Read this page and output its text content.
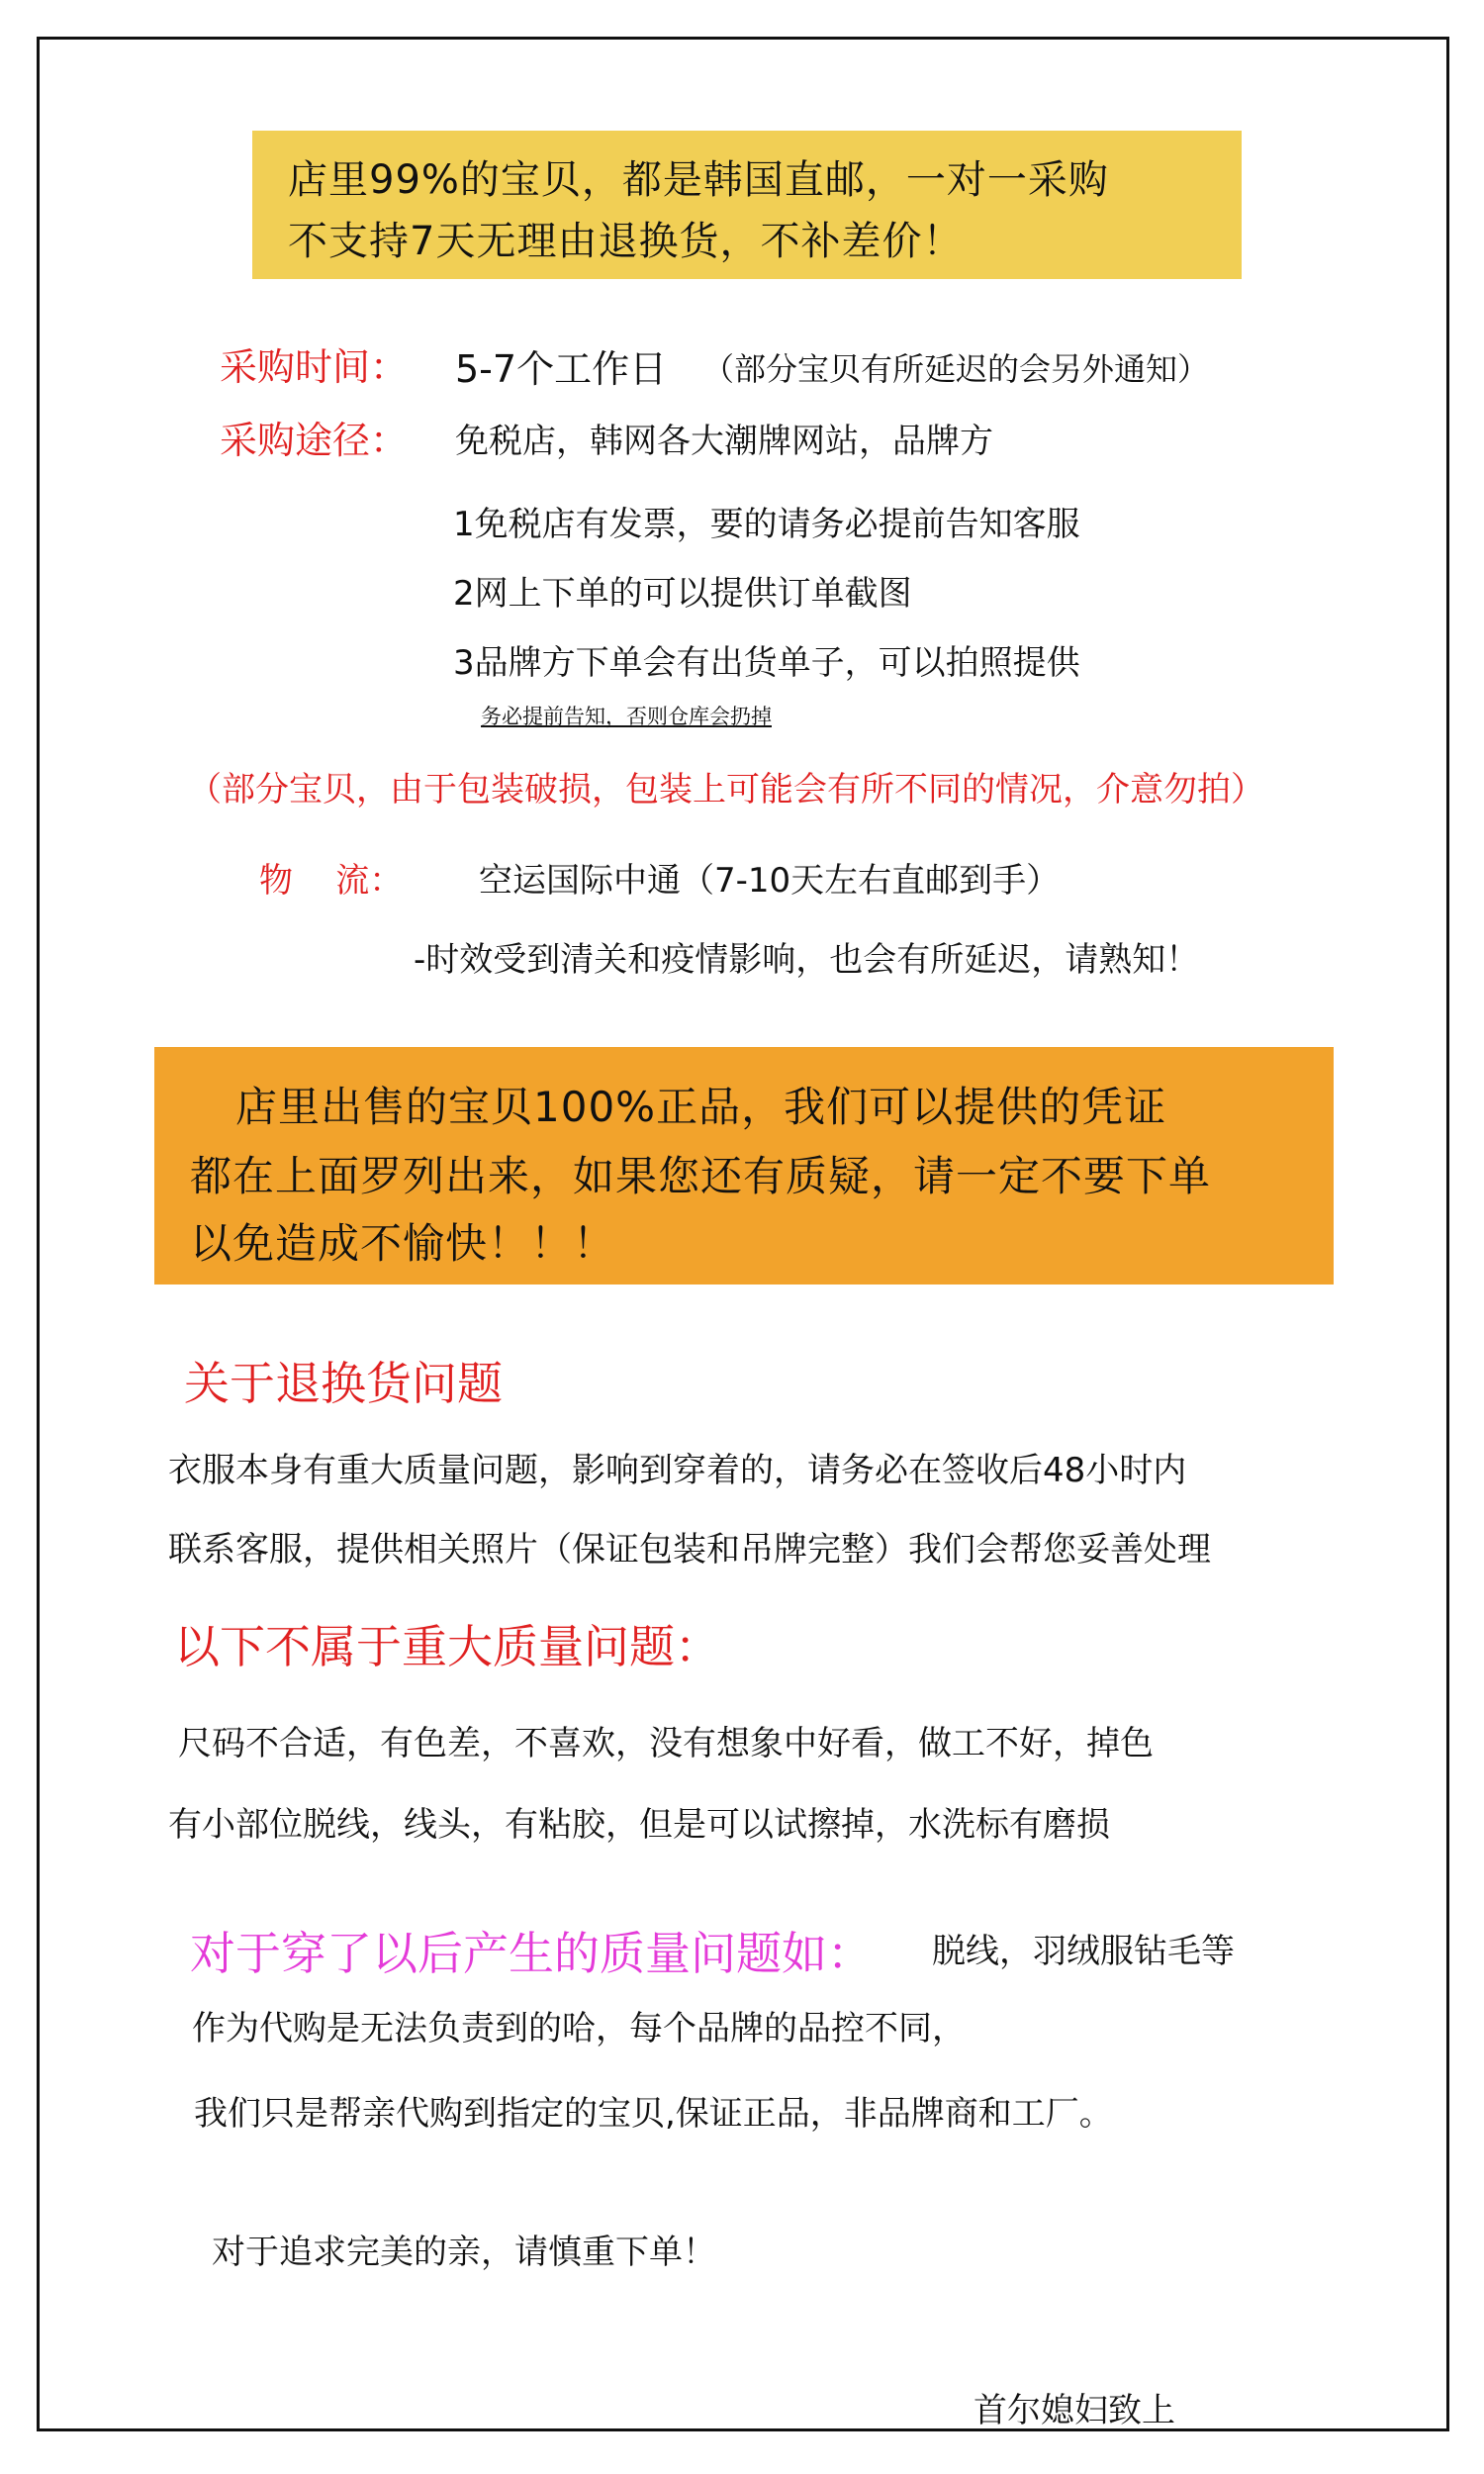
店里99%的宝贝，都是韩国直邮，一对一采购
不支持7天无理由退换货，不补差价！
采购时间： 5-7个工作日 （部分宝贝有所延迟的会另外通知）
采购途径： 免税店，韩网各大潮牌网站，品牌方
1免税店有发票，要的请务必提前告知客服
2网上下单的可以提供订单截图
3品牌方下单会有出货单子，可以拍照提供
务必提前告知，否则仓库会扔掉
（部分宝贝，由于包装破损，包装上可能会有所不同的情况，介意勿拍）
物    流： 空运国际中通（7-10天左右直邮到手）
-时效受到清关和疫情影响，也会有所延迟，请熟知！
店里出售的宝贝100%正品，我们可以提供的凭证
都在上面罗列出来，如果您还有质疑，请一定不要下单
以免造成不愉快！！！
关于退换货问题
衣服本身有重大质量问题，影响到穿着的，请务必在签收后48小时内
联系客服，提供相关照片（保证包装和吊牌完整）我们会帮您妥善处理
以下不属于重大质量问题：
尺码不合适，有色差，不喜欢，没有想象中好看，做工不好，掉色
有小部位脱线，线头，有粘胶，但是可以试擦掉，水洗标有磨损
对于穿了以后产生的质量问题如： 脱线，羽绒服钻毛等
作为代购是无法负责到的哈，每个品牌的品控不同，
我们只是帮亲代购到指定的宝贝,保证正品，非品牌商和工厂。
对于追求完美的亲，请慎重下单！
首尔媳妇致上
